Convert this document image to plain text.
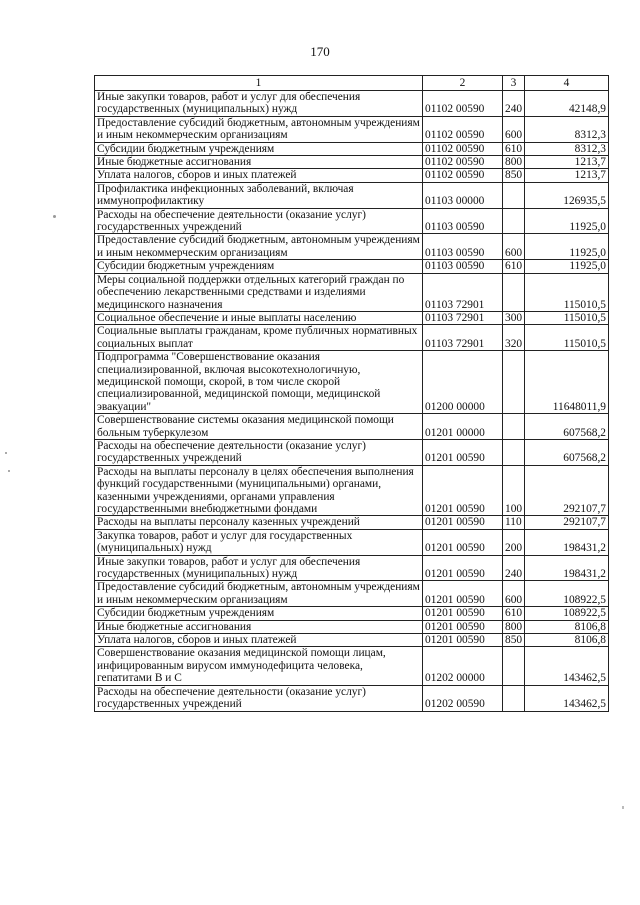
170
1	2	3	4
Иные закупки товаров, работ и услуг для обеспечения государственных (муниципальных) нужд	01102 00590	240	42148,9
Предоставление субсидий бюджетным, автономным учреждениям и иным некоммерческим организациям	01102 00590	600	8312,3
Субсидии бюджетным учреждениям	01102 00590	610	8312,3
Иные бюджетные ассигнования	01102 00590	800	1213,7
Уплата налогов, сборов и иных платежей	01102 00590	850	1213,7
Профилактика инфекционных заболеваний, включая иммунопрофилактику	01103 00000		126935,5
Расходы на обеспечение деятельности (оказание услуг) государственных учреждений	01103 00590		11925,0
Предоставление субсидий бюджетным, автономным учреждениям и иным некоммерческим организациям	01103 00590	600	11925,0
Субсидии бюджетным учреждениям	01103 00590	610	11925,0
Меры социальной поддержки отдельных категорий граждан по обеспечению лекарственными средствами и изделиями медицинского назначения	01103 72901		115010,5
Социальное обеспечение и иные выплаты населению	01103 72901	300	115010,5
Социальные выплаты гражданам, кроме публичных нормативных социальных выплат	01103 72901	320	115010,5
Подпрограмма "Совершенствование оказания специализированной, включая высокотехнологичную, медицинской помощи, скорой, в том числе скорой специализированной, медицинской помощи, медицинской эвакуации"	01200 00000		11648011,9
Совершенствование системы оказания медицинской помощи больным туберкулезом	01201 00000		607568,2
Расходы на обеспечение деятельности (оказание услуг) государственных учреждений	01201 00590		607568,2
Расходы на выплаты персоналу в целях обеспечения выполнения функций государственными (муниципальными) органами, казенными учреждениями, органами управления государственными внебюджетными фондами	01201 00590	100	292107,7
Расходы на выплаты персоналу казенных учреждений	01201 00590	110	292107,7
Закупка товаров, работ и услуг для государственных (муниципальных) нужд	01201 00590	200	198431,2
Иные закупки товаров, работ и услуг для обеспечения государственных (муниципальных) нужд	01201 00590	240	198431,2
Предоставление субсидий бюджетным, автономным учреждениям и иным некоммерческим организациям	01201 00590	600	108922,5
Субсидии бюджетным учреждениям	01201 00590	610	108922,5
Иные бюджетные ассигнования	01201 00590	800	8106,8
Уплата налогов, сборов и иных платежей	01201 00590	850	8106,8
Совершенствование оказания медицинской помощи лицам, инфицированным вирусом иммунодефицита человека, гепатитами В и С	01202 00000		143462,5
Расходы на обеспечение деятельности (оказание услуг) государственных учреждений	01202 00590		143462,5
